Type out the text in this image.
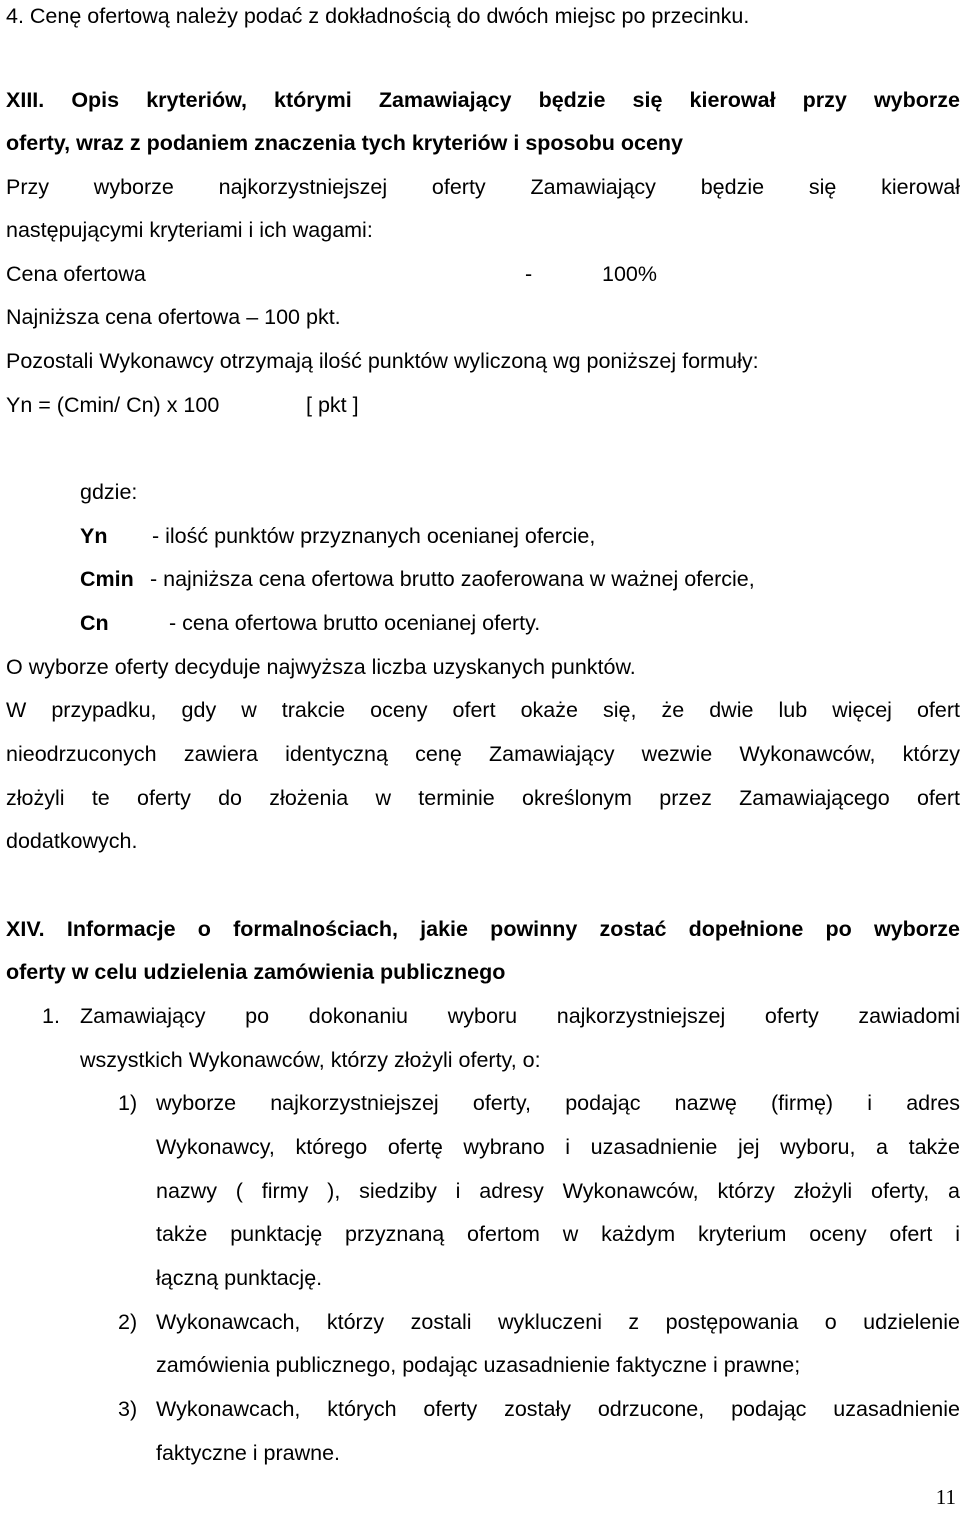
4. Cenę ofertową należy podać z dokładnością do dwóch miejsc po przecinku.
XIII. Opis kryteriów, którymi Zamawiający będzie się kierował przy wyborze
oferty, wraz z podaniem znaczenia tych kryteriów i sposobu oceny
Przy wyborze najkorzystniejszej oferty Zamawiający będzie się kierował
następującymi kryteriami i ich wagami:
Cena ofertowa	-	100%
Najniższa cena ofertowa – 100 pkt.
Pozostali Wykonawcy otrzymają ilość punktów wyliczoną wg poniższej formuły:
Yn = (Cmin/ Cn) x 100	[ pkt ]
gdzie:
Yn - ilość punktów przyznanych ocenianej ofercie,
Cmin - najniższa cena ofertowa brutto zaoferowana w ważnej ofercie,
Cn	- cena ofertowa brutto ocenianej oferty.
O wyborze oferty decyduje najwyższa liczba uzyskanych punktów.
W przypadku, gdy w trakcie oceny ofert okaże się, że dwie lub więcej ofert
nieodrzuconych zawiera identyczną cenę Zamawiający wezwie Wykonawców, którzy
złożyli te oferty do złożenia w terminie określonym przez Zamawiającego ofert
dodatkowych.
XIV. Informacje o formalnościach, jakie powinny zostać dopełnione po wyborze
oferty w celu udzielenia zamówienia publicznego
1. Zamawiający po dokonaniu wyboru najkorzystniejszej oferty zawiadomi
wszystkich Wykonawców, którzy złożyli oferty, o:
1) wyborze najkorzystniejszej oferty, podając nazwę (firmę) i adres
Wykonawcy, którego ofertę wybrano i uzasadnienie jej wyboru, a także
nazwy ( firmy ), siedziby i adresy Wykonawców, którzy złożyli oferty, a
także punktację przyznaną ofertom w każdym kryterium oceny ofert i
łączną punktację.
2) Wykonawcach, którzy zostali wykluczeni z postępowania o udzielenie
zamówienia publicznego, podając uzasadnienie faktyczne i prawne;
3) Wykonawcach, których oferty zostały odrzucone, podając uzasadnienie
faktyczne i prawne.
11
